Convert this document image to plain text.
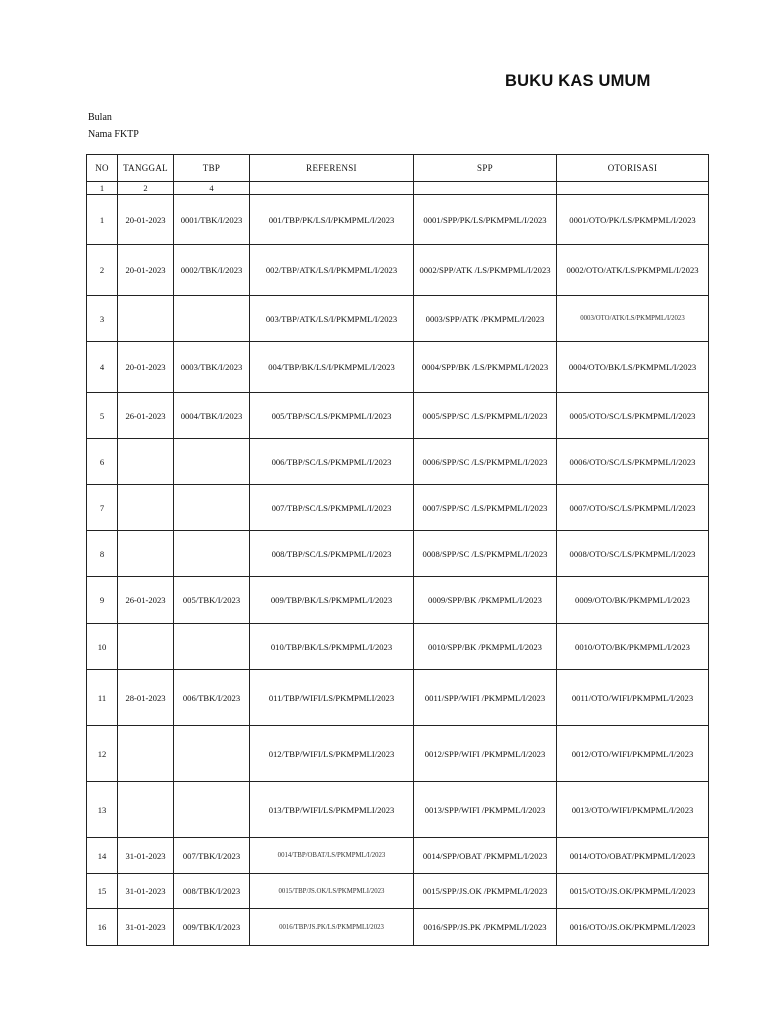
BUKU KAS UMUM
Bulan
Nama FKTP
NO	TANGGAL	TBP	REFERENSI	SPP	OTORISASI
1	2	4			
1	20-01-2023	0001/TBK/I/2023	001/TBP/PK/LS/I/PKMPML/I/2023	0001/SPP/PK/LS/PKMPML/I/2023	0001/OTO/PK/LS/PKMPML/I/2023
2	20-01-2023	0002/TBK/I/2023	002/TBP/ATK/LS/I/PKMPML/I/2023	0002/SPP/ATK /LS/PKMPML/I/2023	0002/OTO/ATK/LS/PKMPML/I/2023
3			003/TBP/ATK/LS/I/PKMPML/I/2023	0003/SPP/ATK /PKMPML/I/2023	0003/OTO/ATK/LS/PKMPML/I/2023
4	20-01-2023	0003/TBK/I/2023	004/TBP/BK/LS/I/PKMPML/I/2023	0004/SPP/BK /LS/PKMPML/I/2023	0004/OTO/BK/LS/PKMPML/I/2023
5	26-01-2023	0004/TBK/I/2023	005/TBP/SC/LS/PKMPML/I/2023	0005/SPP/SC /LS/PKMPML/I/2023	0005/OTO/SC/LS/PKMPML/I/2023
6			006/TBP/SC/LS/PKMPML/I/2023	0006/SPP/SC /LS/PKMPML/I/2023	0006/OTO/SC/LS/PKMPML/I/2023
7			007/TBP/SC/LS/PKMPML/I/2023	0007/SPP/SC /LS/PKMPML/I/2023	0007/OTO/SC/LS/PKMPML/I/2023
8			008/TBP/SC/LS/PKMPML/I/2023	0008/SPP/SC /LS/PKMPML/I/2023	0008/OTO/SC/LS/PKMPML/I/2023
9	26-01-2023	005/TBK/I/2023	009/TBP/BK/LS/PKMPML/I/2023	0009/SPP/BK /PKMPML/I/2023	0009/OTO/BK/PKMPML/I/2023
10			010/TBP/BK/LS/PKMPML/I/2023	0010/SPP/BK /PKMPML/I/2023	0010/OTO/BK/PKMPML/I/2023
11	28-01-2023	006/TBK/I/2023	011/TBP/WIFI/LS/PKMPMLI/2023	0011/SPP/WIFI /PKMPML/I/2023	0011/OTO/WIFI/PKMPML/I/2023
12			012/TBP/WIFI/LS/PKMPMLI/2023	0012/SPP/WIFI /PKMPML/I/2023	0012/OTO/WIFI/PKMPML/I/2023
13			013/TBP/WIFI/LS/PKMPMLI/2023	0013/SPP/WIFI /PKMPML/I/2023	0013/OTO/WIFI/PKMPML/I/2023
14	31-01-2023	007/TBK/I/2023	0014/TBP/OBAT/LS/PKMPML/I/2023	0014/SPP/OBAT /PKMPML/I/2023	0014/OTO/OBAT/PKMPML/I/2023
15	31-01-2023	008/TBK/I/2023	0015/TBP/JS.OK/LS/PKMPMLI/2023	0015/SPP/JS.OK /PKMPML/I/2023	0015/OTO/JS.OK/PKMPML/I/2023
16	31-01-2023	009/TBK/I/2023	0016/TBP/JS.PK/LS/PKMPMLI/2023	0016/SPP/JS.PK /PKMPML/I/2023	0016/OTO/JS.OK/PKMPML/I/2023
